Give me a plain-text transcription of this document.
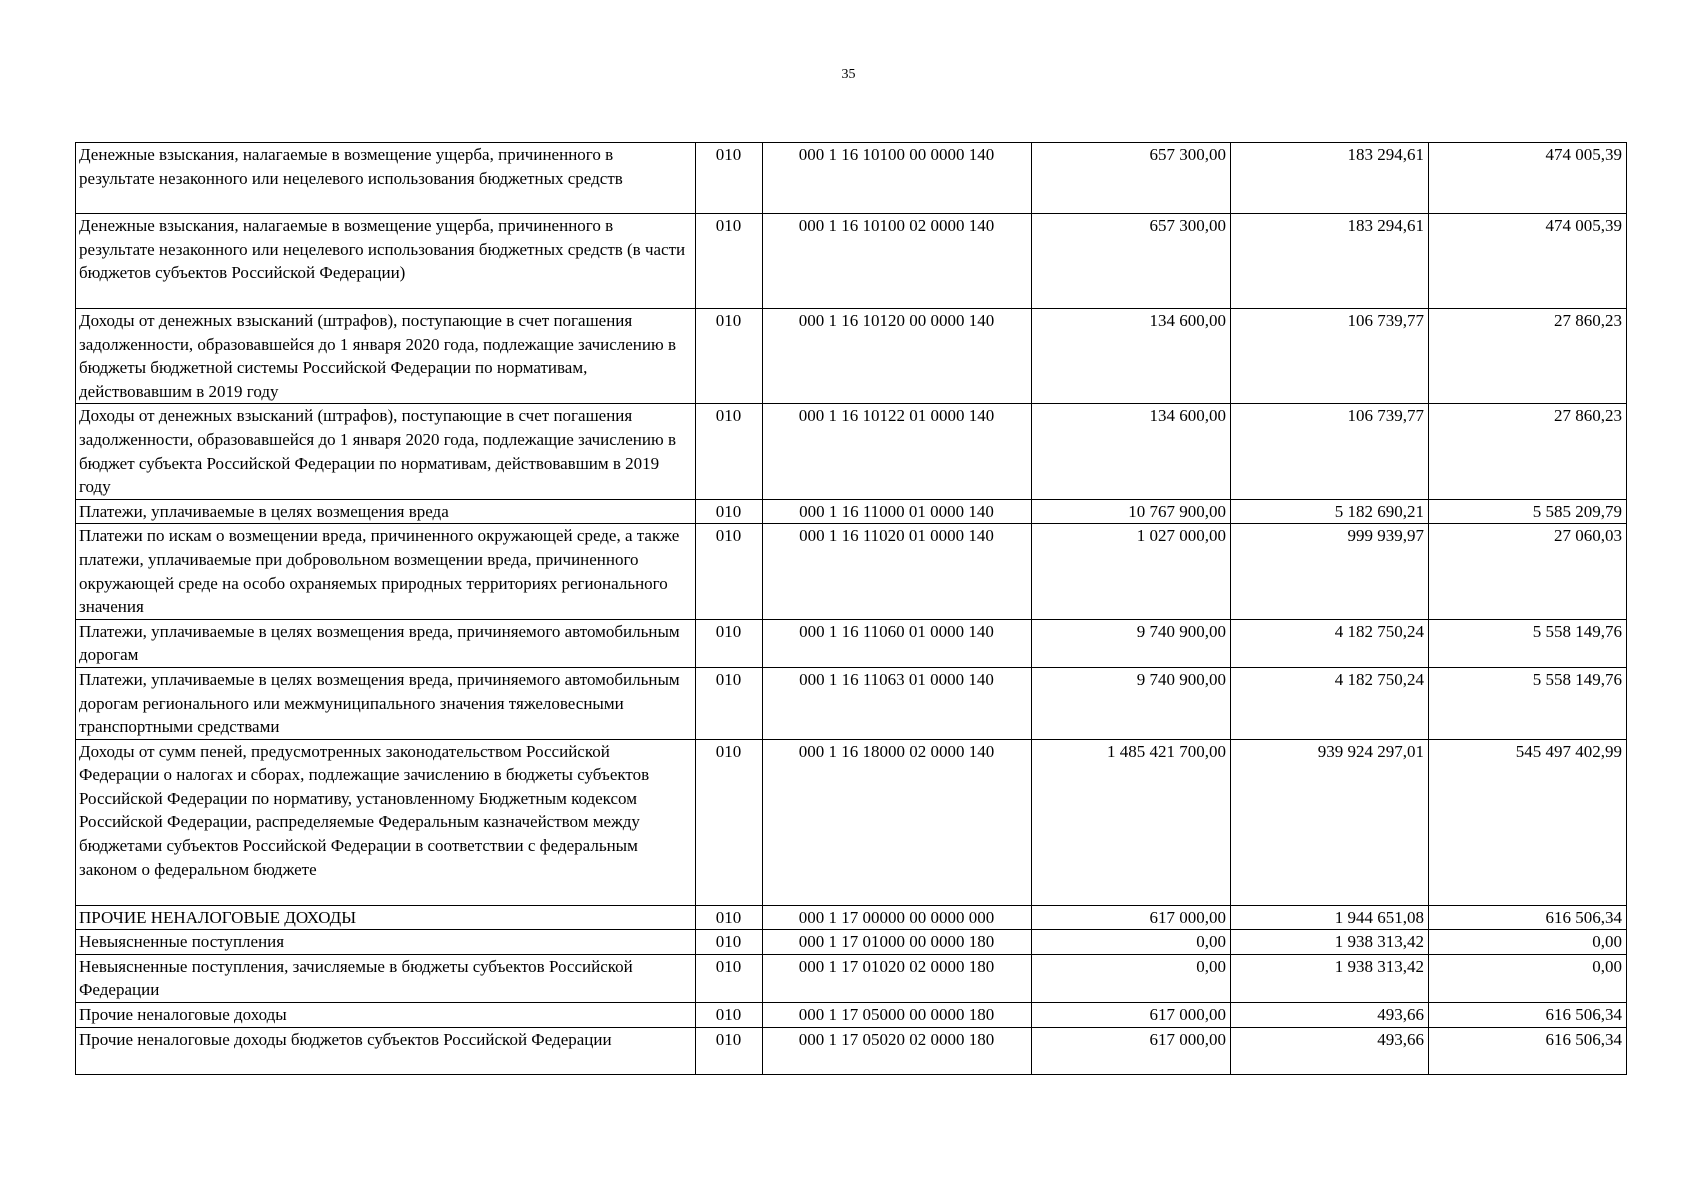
35
Денежные взыскания, налагаемые в возмещение ущерба, причиненного в результате незаконного или нецелевого использования бюджетных средств	010	000 1 16 10100 00 0000 140	657 300,00	183 294,61	474 005,39
Денежные взыскания, налагаемые в возмещение ущерба, причиненного в результате незаконного или нецелевого использования бюджетных средств (в части бюджетов субъектов Российской Федерации)	010	000 1 16 10100 02 0000 140	657 300,00	183 294,61	474 005,39
Доходы от денежных взысканий (штрафов), поступающие в счет погашения задолженности, образовавшейся до 1 января 2020 года, подлежащие зачислению в бюджеты бюджетной системы Российской Федерации по нормативам, действовавшим в 2019 году	010	000 1 16 10120 00 0000 140	134 600,00	106 739,77	27 860,23
Доходы от денежных взысканий (штрафов), поступающие в счет погашения задолженности, образовавшейся до 1 января 2020 года, подлежащие зачислению в бюджет субъекта Российской Федерации по нормативам, действовавшим в 2019 году	010	000 1 16 10122 01 0000 140	134 600,00	106 739,77	27 860,23
Платежи, уплачиваемые в целях возмещения вреда	010	000 1 16 11000 01 0000 140	10 767 900,00	5 182 690,21	5 585 209,79
Платежи по искам о возмещении вреда, причиненного окружающей среде, а также платежи, уплачиваемые при добровольном возмещении вреда, причиненного окружающей среде на особо охраняемых природных территориях регионального значения	010	000 1 16 11020 01 0000 140	1 027 000,00	999 939,97	27 060,03
Платежи, уплачиваемые в целях возмещения вреда, причиняемого автомобильным дорогам	010	000 1 16 11060 01 0000 140	9 740 900,00	4 182 750,24	5 558 149,76
Платежи, уплачиваемые в целях возмещения вреда, причиняемого автомобильным дорогам регионального или межмуниципального значения тяжеловесными транспортными средствами	010	000 1 16 11063 01 0000 140	9 740 900,00	4 182 750,24	5 558 149,76
Доходы от сумм пеней, предусмотренных законодательством Российской Федерации о налогах и сборах, подлежащие зачислению в бюджеты субъектов Российской Федерации по нормативу, установленному Бюджетным кодексом Российской Федерации, распределяемые Федеральным казначейством между бюджетами субъектов Российской Федерации в соответствии с федеральным законом о федеральном бюджете	010	000 1 16 18000 02 0000 140	1 485 421 700,00	939 924 297,01	545 497 402,99
ПРОЧИЕ НЕНАЛОГОВЫЕ ДОХОДЫ	010	000 1 17 00000 00 0000 000	617 000,00	1 944 651,08	616 506,34
Невыясненные поступления	010	000 1 17 01000 00 0000 180	0,00	1 938 313,42	0,00
Невыясненные поступления, зачисляемые в бюджеты субъектов Российской Федерации	010	000 1 17 01020 02 0000 180	0,00	1 938 313,42	0,00
Прочие неналоговые доходы	010	000 1 17 05000 00 0000 180	617 000,00	493,66	616 506,34
Прочие неналоговые доходы бюджетов субъектов Российской Федерации	010	000 1 17 05020 02 0000 180	617 000,00	493,66	616 506,34
